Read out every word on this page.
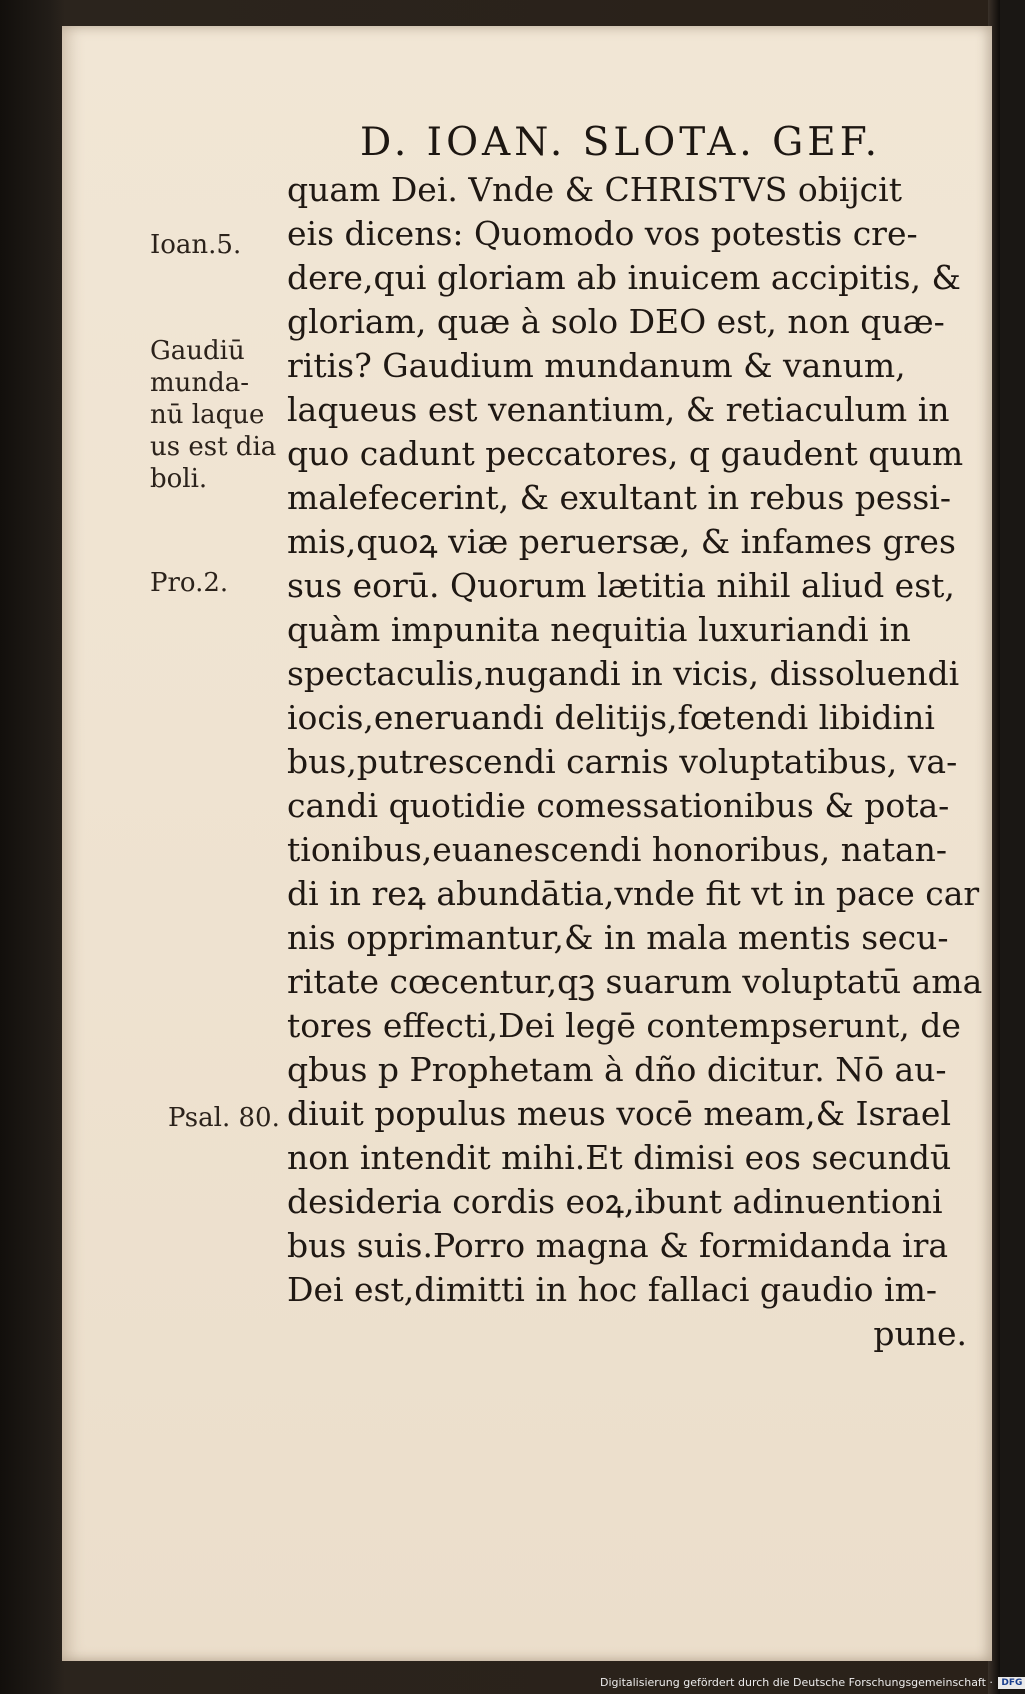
D. IOAN. SLOTA. GEF.
quam Dei. Vnde & CHRISTVS obijcit
eis dicens: Quomodo vos potestis cre-
dere,qui gloriam ab inuicem accipitis, &
gloriam, quæ à solo DEO est, non quæ-
ritis? Gaudium mundanum & vanum,
laqueus est venantium, & retiaculum in
quo cadunt peccatores, q gaudent quum
malefecerint, & exultant in rebus pessi-
mis,quoꝝ viæ peruersæ, & infames gres
sus eorū. Quorum lætitia nihil aliud est,
quàm impunita nequitia luxuriandi in
spectaculis,nugandi in vicis, dissoluendi
iocis,eneruandi delitijs,fœtendi libidini
bus,putrescendi carnis voluptatibus, va-
candi quotidie comessationibus & pota-
tionibus,euanescendi honoribus, natan-
di in reꝝ abundātia,vnde fit vt in pace car
nis opprimantur,& in mala mentis secu-
ritate cœcentur,qꝫ suarum voluptatū ama
tores effecti,Dei legē contempserunt, de
qbus p Prophetam à dño dicitur. Nō au-
diuit populus meus vocē meam,& Israel
non intendit mihi.Et dimisi eos secundū
desideria cordis eoꝝ,ibunt adinuentioni
bus suis.Porro magna & formidanda ira
Dei est,dimitti in hoc fallaci gaudio im-
pune.
Ioan.5.
Gaudiū
munda-
nū laque
us est dia
boli.
Pro.2.
Psal. 80.
Digitalisierung gefördert durch die Deutsche Forschungsgemeinschaft · DFG
